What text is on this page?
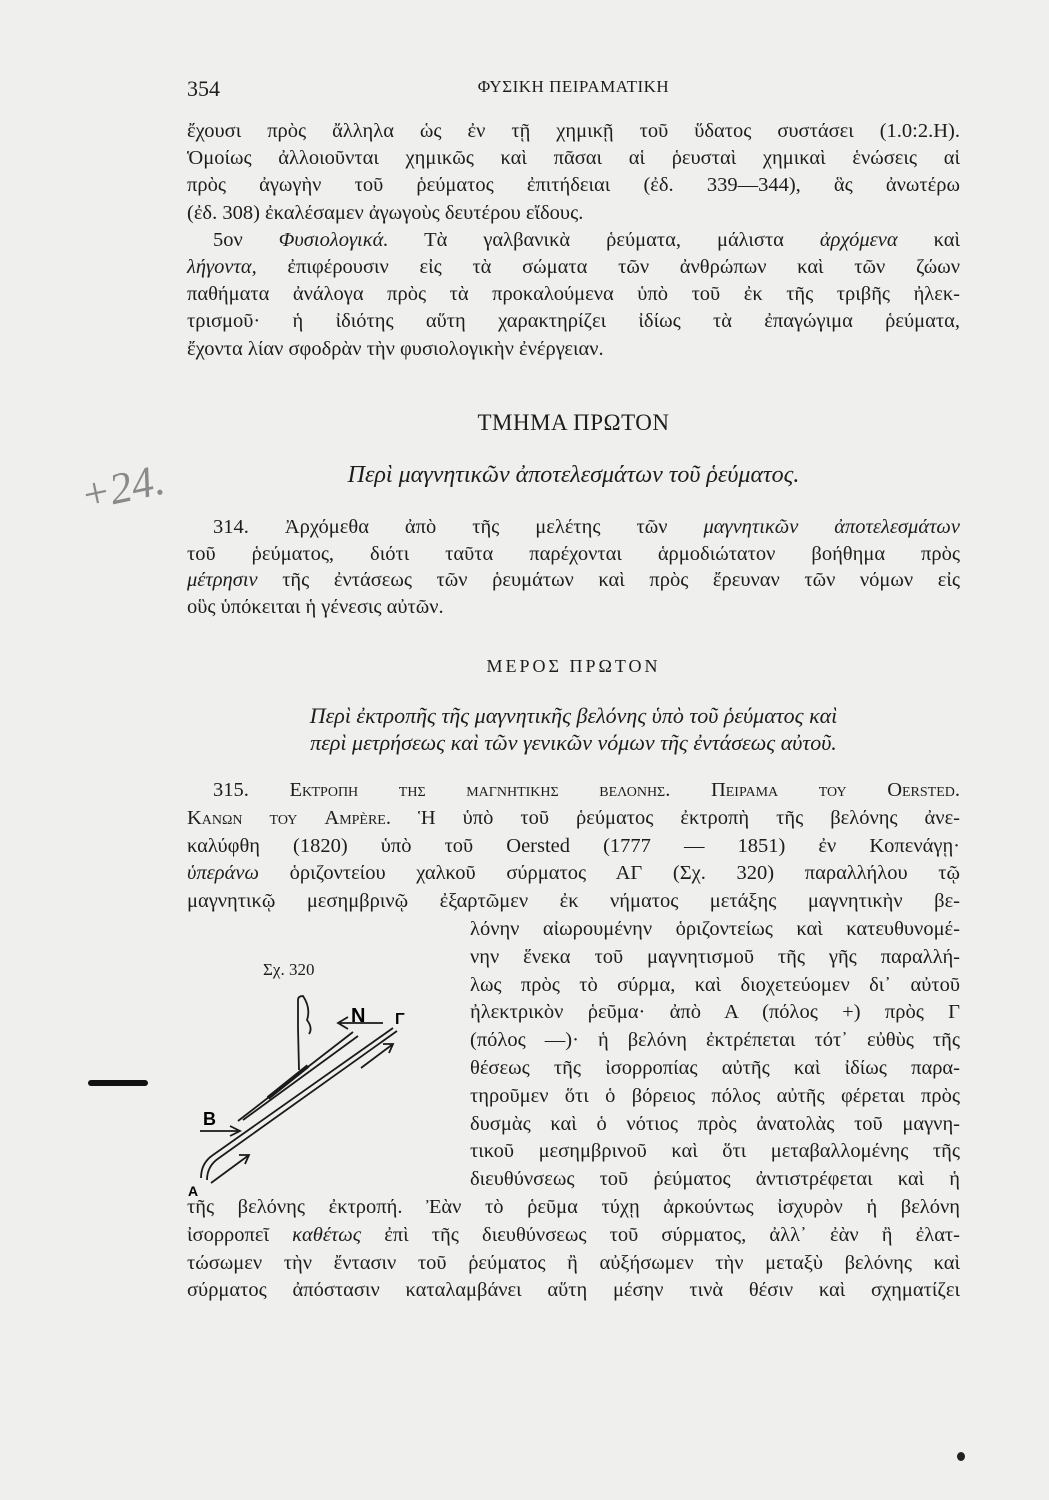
354	ΦΥΣΙΚΗ ΠΕΙΡΑΜΑΤΙΚΗ
+24.
ἔχουσι πρὸς ἄλληλα ὡς ἐν τῇ χημικῇ τοῦ ὕδατος συστάσει (1.0:2.Η).
Ὁμοίως ἀλλοιοῦνται χημικῶς καὶ πᾶσαι αἱ ῥευσταὶ χημικαὶ ἑνώσεις αἱ
πρὸς ἀγωγὴν τοῦ ῥεύματος ἐπιτήδειαι (ἐδ. 339—344), ἃς ἀνωτέρω
(ἐδ. 308) ἐκαλέσαμεν ἀγωγοὺς δευτέρου εἴδους.
5ον Φυσιολογικά. Τὰ γαλβανικὰ ῥεύματα, μάλιστα ἀρχόμενα καὶ
λήγοντα, ἐπιφέρουσιν εἰς τὰ σώματα τῶν ἀνθρώπων καὶ τῶν ζώων
παθήματα ἀνάλογα πρὸς τὰ προκαλούμενα ὑπὸ τοῦ ἐκ τῆς τριβῆς ἠλεκ-
τρισμοῦ· ἡ ἰδιότης αὕτη χαρακτηρίζει ἰδίως τὰ ἐπαγώγιμα ῥεύματα,
ἔχοντα λίαν σφοδρὰν τὴν φυσιολογικὴν ἐνέργειαν.
ΤΜΗΜΑ ΠΡΩΤΟΝ
Περὶ μαγνητικῶν ἀποτελεσμάτων τοῦ ῥεύματος.
314. Ἀρχόμεθα ἀπὸ τῆς μελέτης τῶν μαγνητικῶν ἀποτελεσμάτων
τοῦ ῥεύματος, διότι ταῦτα παρέχονται ἁρμοδιώτατον βοήθημα πρὸς
μέτρησιν τῆς ἐντάσεως τῶν ῥευμάτων καὶ πρὸς ἔρευναν τῶν νόμων εἰς
οὓς ὑπόκειται ἡ γένεσις αὐτῶν.
ΜΕΡΟΣ ΠΡΩΤΟΝ
Περὶ ἐκτροπῆς τῆς μαγνητικῆς βελόνης ὑπὸ τοῦ ῥεύματος καὶ
περὶ μετρήσεως καὶ τῶν γενικῶν νόμων τῆς ἐντάσεως αὐτοῦ.
315. Εκτροπη της μαγνητικης βελονης. Πειραμα του Oersted.
Κανων του Ampère. Ἡ ὑπὸ τοῦ ῥεύματος ἐκτροπὴ τῆς βελόνης ἀνε-
καλύφθη (1820) ὑπὸ τοῦ Oersted (1777 — 1851) ἐν Κοπενάγῃ·
ὑπεράνω ὁριζοντείου χαλκοῦ σύρματος ΑΓ (Σχ. 320) παραλλήλου τῷ
μαγνητικῷ μεσημβρινῷ ἐξαρτῶμεν ἐκ νήματος μετάξης μαγνητικὴν βε-
λόνην αἰωρουμένην ὁριζοντείως καὶ κατευθυνομέ-
νην ἕνεκα τοῦ μαγνητισμοῦ τῆς γῆς παραλλή-
λως πρὸς τὸ σύρμα, καὶ διοχετεύομεν δι᾽ αὐτοῦ
ἠλεκτρικὸν ῥεῦμα· ἀπὸ Α (πόλος +) πρὸς Γ
(πόλος —)· ἡ βελόνη ἐκτρέπεται τότ᾽ εὐθὺς τῆς
θέσεως τῆς ἰσορροπίας αὐτῆς καὶ ἰδίως παρα-
τηροῦμεν ὅτι ὁ βόρειος πόλος αὐτῆς φέρεται πρὸς
δυσμὰς καὶ ὁ νότιος πρὸς ἀνατολὰς τοῦ μαγνη-
τικοῦ μεσημβρινοῦ καὶ ὅτι μεταβαλλομένης τῆς
διευθύνσεως τοῦ ῥεύματος ἀντιστρέφεται καὶ ἡ
τῆς βελόνης ἐκτροπή. Ἐὰν τὸ ῥεῦμα τύχῃ ἀρκούντως ἰσχυρὸν ἡ βελόνη
ἰσορροπεῖ καθέτως ἐπὶ τῆς διευθύνσεως τοῦ σύρματος, ἀλλ᾽ ἐὰν ἢ ἐλατ-
τώσωμεν τὴν ἔντασιν τοῦ ῥεύματος ἢ αὐξήσωμεν τὴν μεταξὺ βελόνης καὶ
σύρματος ἀπόστασιν καταλαμβάνει αὕτη μέσην τινὰ θέσιν καὶ σχηματίζει
Σχ. 320
N Γ
Β
Α
